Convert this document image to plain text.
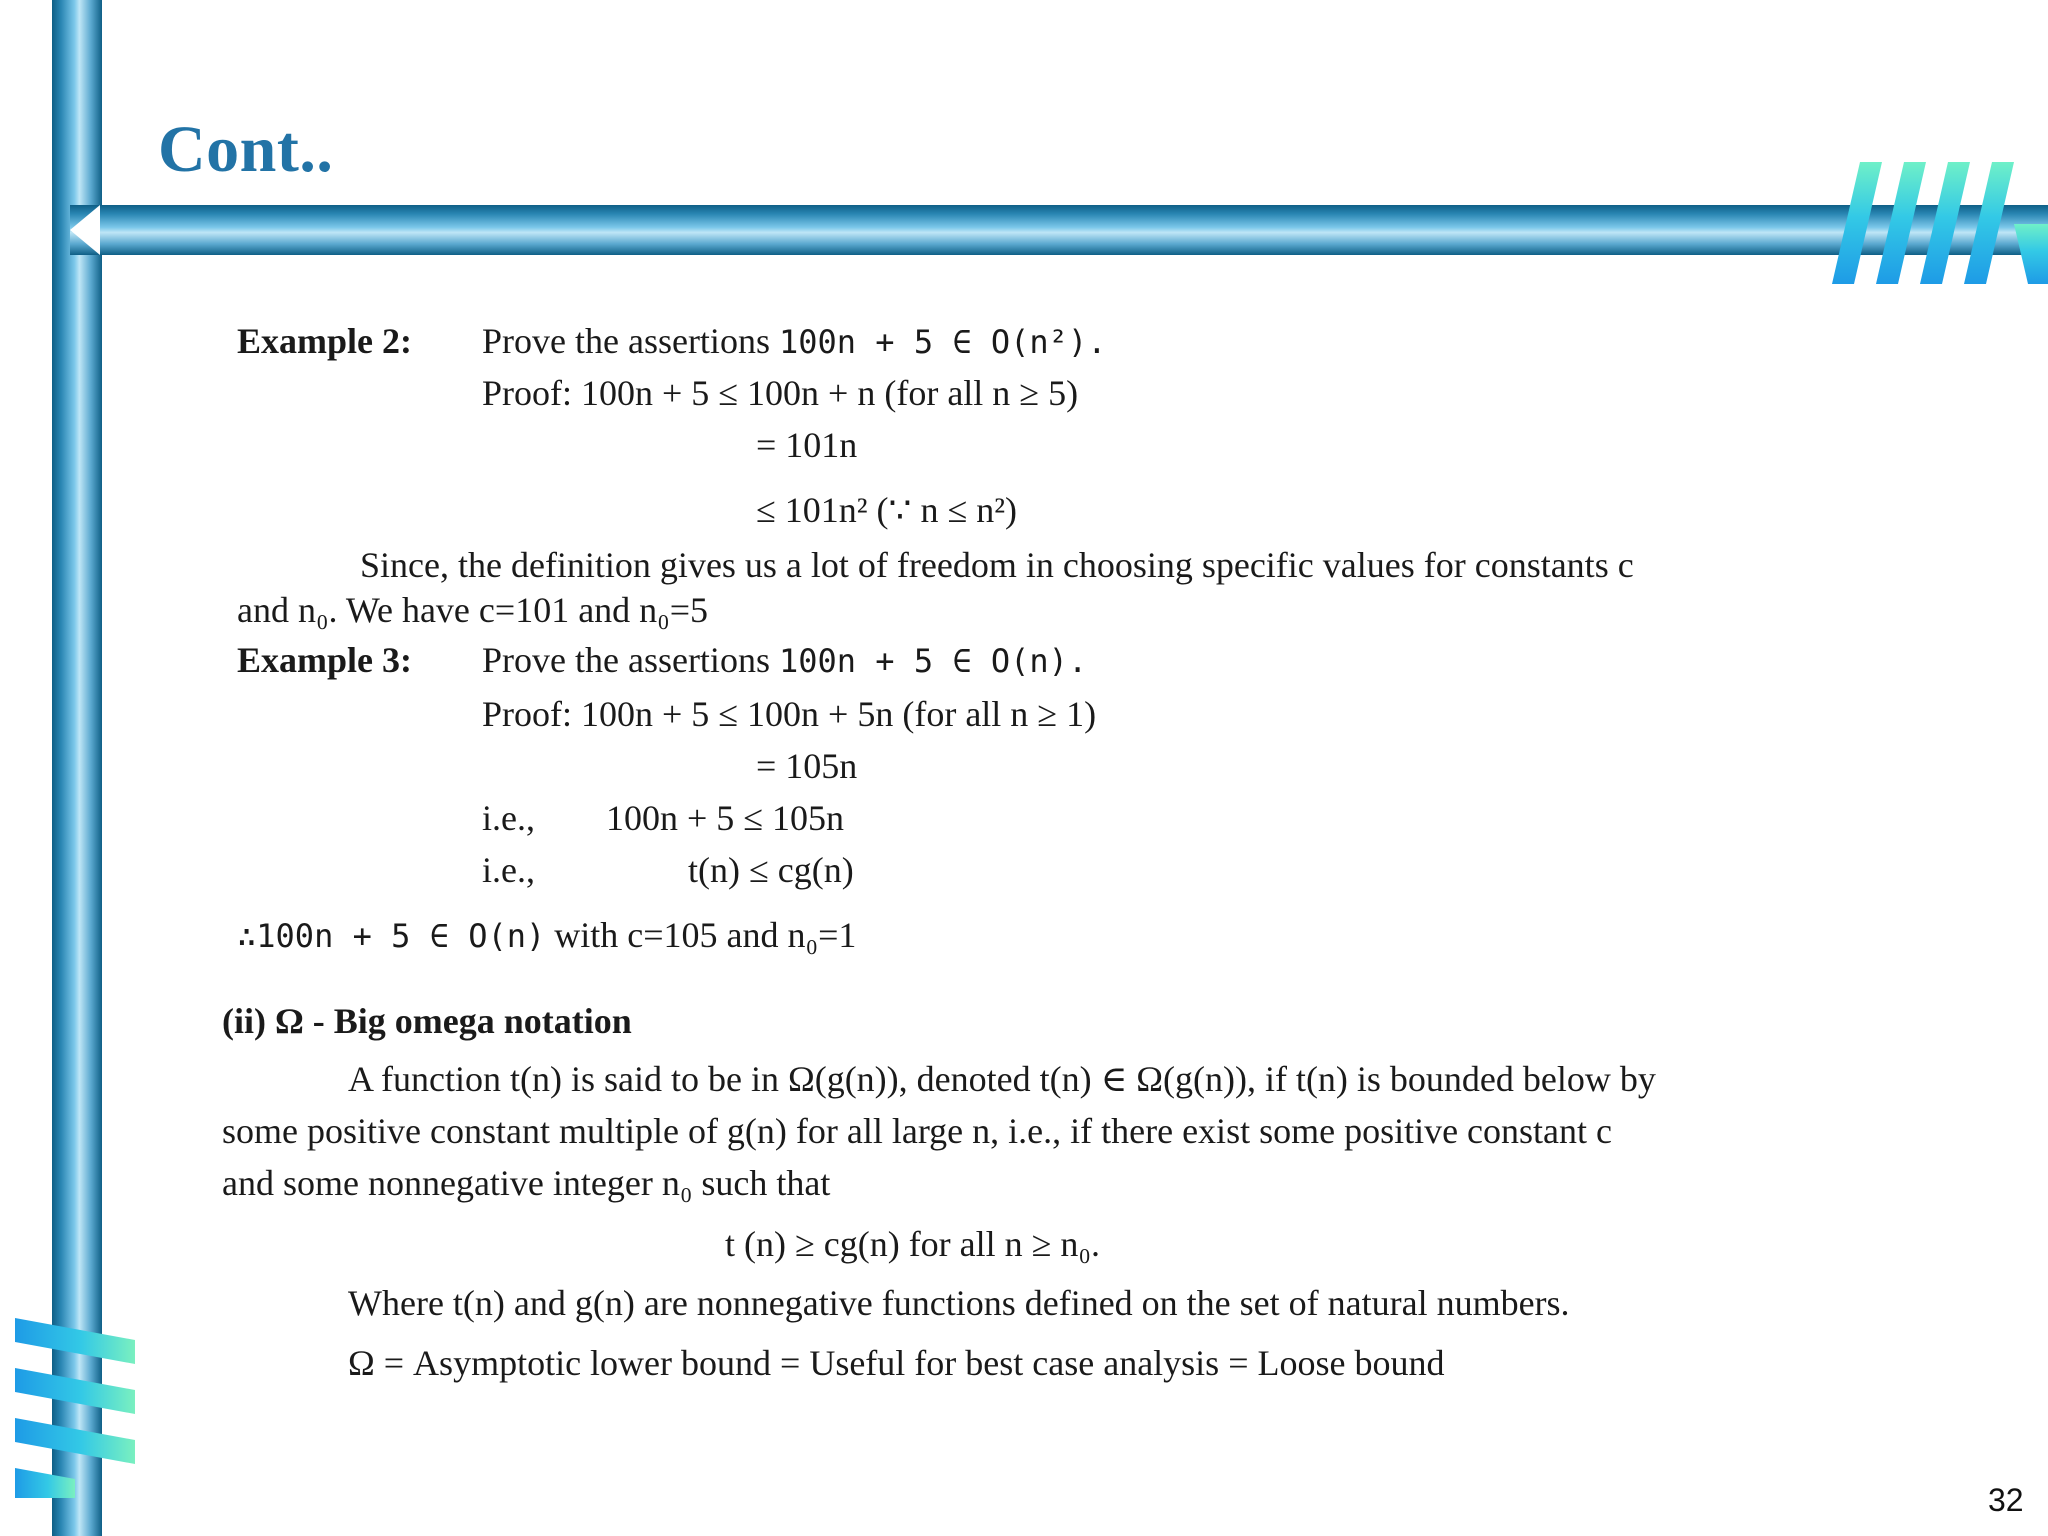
Cont..
Example 2: Prove the assertions 100n + 5 ∈ O(n²).
Proof: 100n + 5 ≤ 100n + n (for all n ≥ 5)
= 101n
≤ 101n² (∵ n ≤ n²)
Since, the definition gives us a lot of freedom in choosing specific values for constants c
and n₀. We have c=101 and n₀=5
Example 3: Prove the assertions 100n + 5 ∈ O(n).
Proof: 100n + 5 ≤ 100n + 5n (for all n ≥ 1)
= 105n
i.e., 100n + 5 ≤ 105n
i.e.,	t(n) ≤ cg(n)
∴100n + 5 ∈ O(n) with c=105 and n₀=1
(ii) Ω - Big omega notation
A function t(n) is said to be in Ω(g(n)), denoted t(n) ∈ Ω(g(n)), if t(n) is bounded below by
some positive constant multiple of g(n) for all large n, i.e., if there exist some positive constant c
and some nonnegative integer n₀ such that
t (n) ≥ cg(n) for all n ≥ n₀.
Where t(n) and g(n) are nonnegative functions defined on the set of natural numbers.
Ω = Asymptotic lower bound = Useful for best case analysis = Loose bound
32
